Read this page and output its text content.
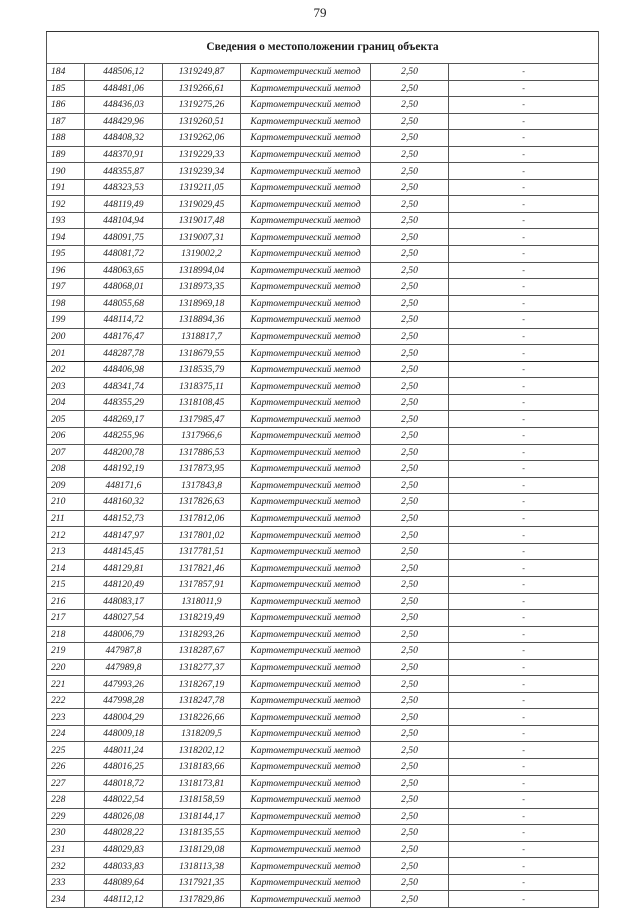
79
Сведения о местоположении границ объекта					
184	448506,12	1319249,87	Картометрический метод	2,50	-
185	448481,06	1319266,61	Картометрический метод	2,50	-
186	448436,03	1319275,26	Картометрический метод	2,50	-
187	448429,96	1319260,51	Картометрический метод	2,50	-
188	448408,32	1319262,06	Картометрический метод	2,50	-
189	448370,91	1319229,33	Картометрический метод	2,50	-
190	448355,87	1319239,34	Картометрический метод	2,50	-
191	448323,53	1319211,05	Картометрический метод	2,50	-
192	448119,49	1319029,45	Картометрический метод	2,50	-
193	448104,94	1319017,48	Картометрический метод	2,50	-
194	448091,75	1319007,31	Картометрический метод	2,50	-
195	448081,72	1319002,2	Картометрический метод	2,50	-
196	448063,65	1318994,04	Картометрический метод	2,50	-
197	448068,01	1318973,35	Картометрический метод	2,50	-
198	448055,68	1318969,18	Картометрический метод	2,50	-
199	448114,72	1318894,36	Картометрический метод	2,50	-
200	448176,47	1318817,7	Картометрический метод	2,50	-
201	448287,78	1318679,55	Картометрический метод	2,50	-
202	448406,98	1318535,79	Картометрический метод	2,50	-
203	448341,74	1318375,11	Картометрический метод	2,50	-
204	448355,29	1318108,45	Картометрический метод	2,50	-
205	448269,17	1317985,47	Картометрический метод	2,50	-
206	448255,96	1317966,6	Картометрический метод	2,50	-
207	448200,78	1317886,53	Картометрический метод	2,50	-
208	448192,19	1317873,95	Картометрический метод	2,50	-
209	448171,6	1317843,8	Картометрический метод	2,50	-
210	448160,32	1317826,63	Картометрический метод	2,50	-
211	448152,73	1317812,06	Картометрический метод	2,50	-
212	448147,97	1317801,02	Картометрический метод	2,50	-
213	448145,45	1317781,51	Картометрический метод	2,50	-
214	448129,81	1317821,46	Картометрический метод	2,50	-
215	448120,49	1317857,91	Картометрический метод	2,50	-
216	448083,17	1318011,9	Картометрический метод	2,50	-
217	448027,54	1318219,49	Картометрический метод	2,50	-
218	448006,79	1318293,26	Картометрический метод	2,50	-
219	447987,8	1318287,67	Картометрический метод	2,50	-
220	447989,8	1318277,37	Картометрический метод	2,50	-
221	447993,26	1318267,19	Картометрический метод	2,50	-
222	447998,28	1318247,78	Картометрический метод	2,50	-
223	448004,29	1318226,66	Картометрический метод	2,50	-
224	448009,18	1318209,5	Картометрический метод	2,50	-
225	448011,24	1318202,12	Картометрический метод	2,50	-
226	448016,25	1318183,66	Картометрический метод	2,50	-
227	448018,72	1318173,81	Картометрический метод	2,50	-
228	448022,54	1318158,59	Картометрический метод	2,50	-
229	448026,08	1318144,17	Картометрический метод	2,50	-
230	448028,22	1318135,55	Картометрический метод	2,50	-
231	448029,83	1318129,08	Картометрический метод	2,50	-
232	448033,83	1318113,38	Картометрический метод	2,50	-
233	448089,64	1317921,35	Картометрический метод	2,50	-
234	448112,12	1317829,86	Картометрический метод	2,50	-
